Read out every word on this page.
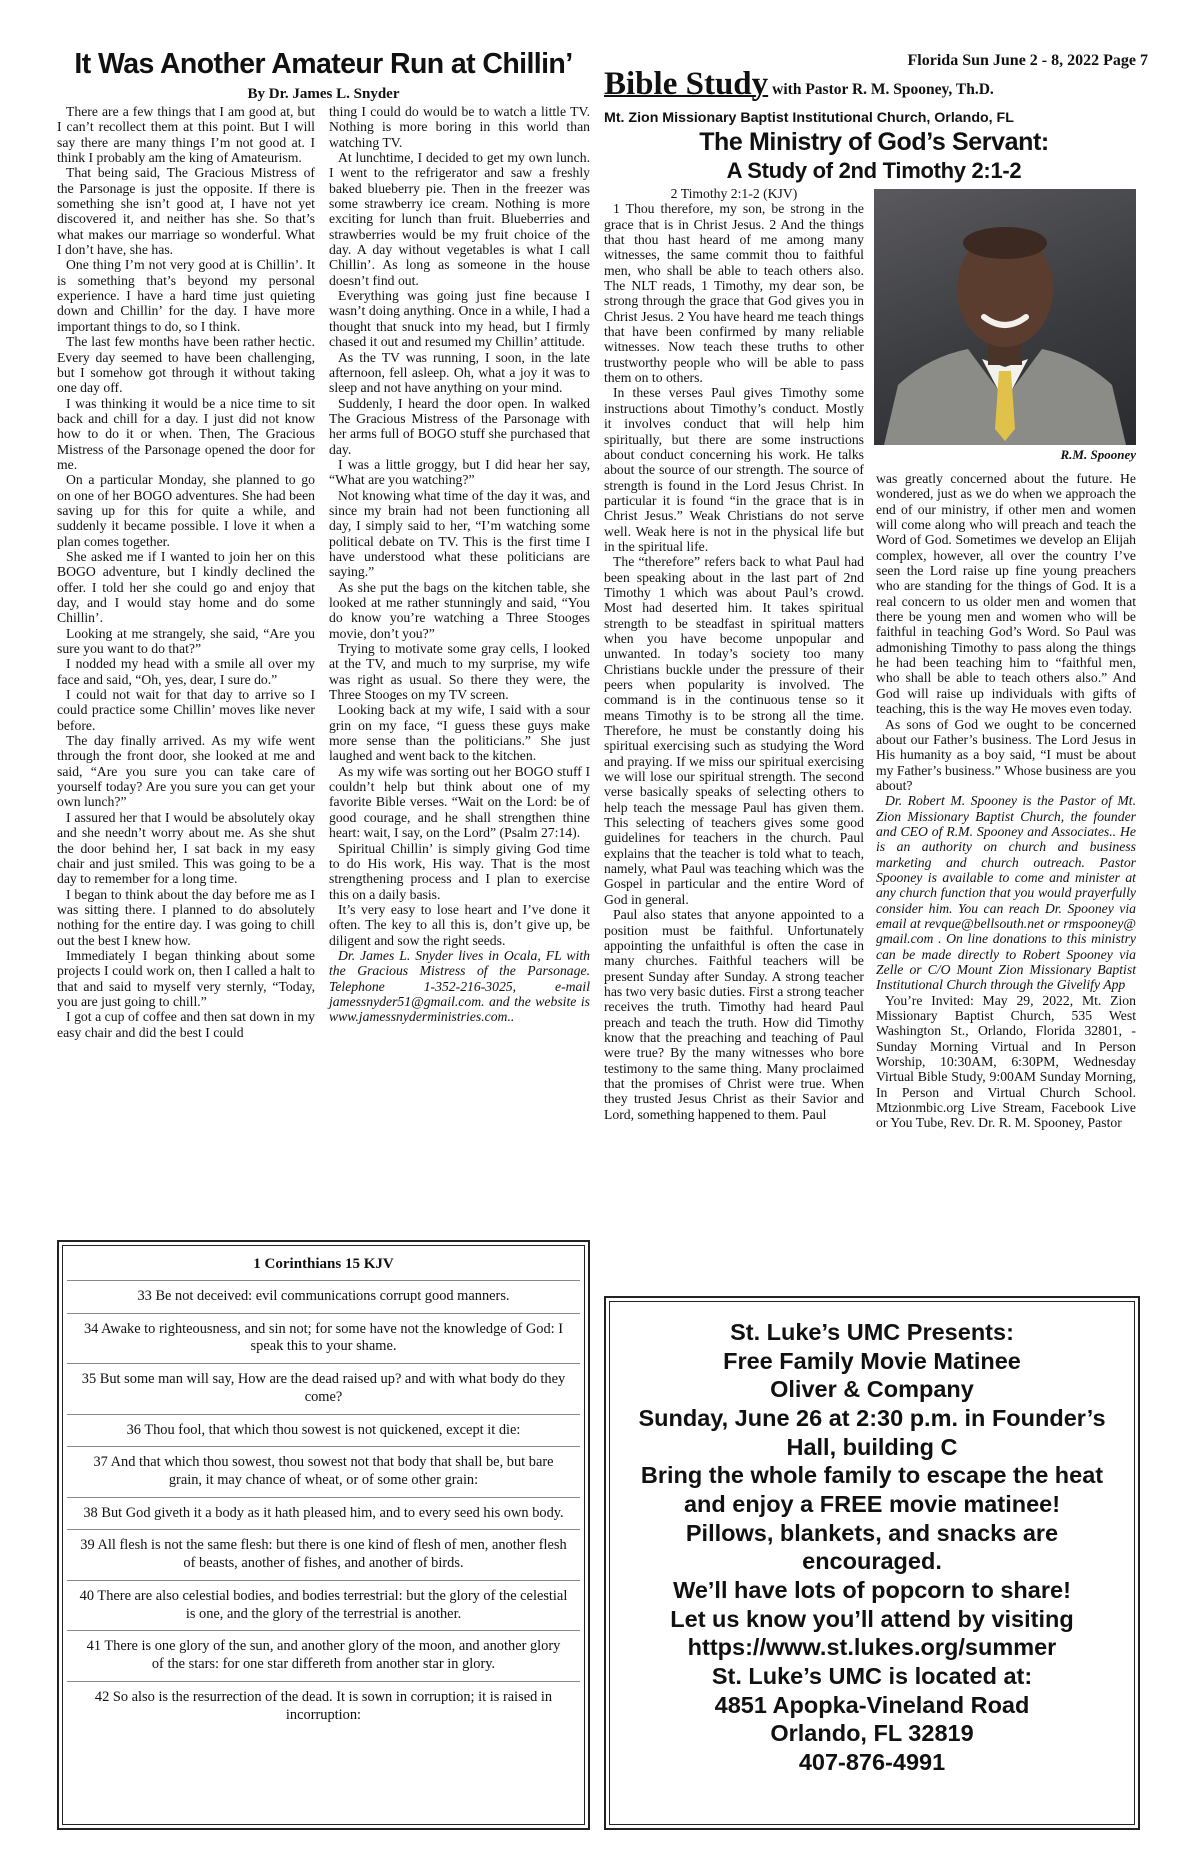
Florida Sun June 2 - 8, 2022 Page 7
It Was Another Amateur Run at Chillin’
By Dr. James L. Snyder

There are a few things that I am good at, but I can’t recollect them at this point. But I will say there are many things I’m not good at. I think I probably am the king of Amateurism.

That being said, The Gracious Mistress of the Parsonage is just the opposite. If there is something she isn’t good at, I have not yet discovered it, and neither has she. So that’s what makes our marriage so wonderful. What I don’t have, she has.

One thing I’m not very good at is Chillin’. It is something that’s beyond my personal experience. I have a hard time just quieting down and Chillin’ for the day. I have more important things to do, so I think.

The last few months have been rather hectic. Every day seemed to have been challenging, but I somehow got through it without taking one day off.

I was thinking it would be a nice time to sit back and chill for a day. I just did not know how to do it or when. Then, The Gracious Mistress of the Parsonage opened the door for me.

On a particular Monday, she planned to go on one of her BOGO adventures. She had been saving up for this for quite a while, and suddenly it became possible. I love it when a plan comes together.

She asked me if I wanted to join her on this BOGO adventure, but I kindly declined the offer. I told her she could go and enjoy that day, and I would stay home and do some Chillin’.

Looking at me strangely, she said, “Are you sure you want to do that?”

I nodded my head with a smile all over my face and said, “Oh, yes, dear, I sure do.”

I could not wait for that day to arrive so I could practice some Chillin’ moves like never before.

The day finally arrived. As my wife went through the front door, she looked at me and said, “Are you sure you can take care of yourself today? Are you sure you can get your own lunch?”

I assured her that I would be absolutely okay and she needn’t worry about me. As she shut the door behind her, I sat back in my easy chair and just smiled. This was going to be a day to remember for a long time.

I began to think about the day before me as I was sitting there. I planned to do absolutely nothing for the entire day. I was going to chill out the best I knew how.

Immediately I began thinking about some projects I could work on, then I called a halt to that and said to myself very sternly, “Today, you are just going to chill.”

I got a cup of coffee and then sat down in my easy chair and did the best I could

thing I could do would be to watch a little TV. Nothing is more boring in this world than watching TV.

At lunchtime, I decided to get my own lunch. I went to the refrigerator and saw a freshly baked blueberry pie. Then in the freezer was some strawberry ice cream. Nothing is more exciting for lunch than fruit. Blueberries and strawberries would be my fruit choice of the day. A day without vegetables is what I call Chillin’. As long as someone in the house doesn’t find out.

Everything was going just fine because I wasn’t doing anything. Once in a while, I had a thought that snuck into my head, but I firmly chased it out and resumed my Chillin’ attitude.

As the TV was running, I soon, in the late afternoon, fell asleep. Oh, what a joy it was to sleep and not have anything on your mind.

Suddenly, I heard the door open. In walked The Gracious Mistress of the Parsonage with her arms full of BOGO stuff she purchased that day.

I was a little groggy, but I did hear her say, “What are you watching?”

Not knowing what time of the day it was, and since my brain had not been functioning all day, I simply said to her, “I’m watching some political debate on TV. This is the first time I have understood what these politicians are saying.”

As she put the bags on the kitchen table, she looked at me rather stunningly and said, “You do know you’re watching a Three Stooges movie, don’t you?”

Trying to motivate some gray cells, I looked at the TV, and much to my surprise, my wife was right as usual. So there they were, the Three Stooges on my TV screen.

Looking back at my wife, I said with a sour grin on my face, “I guess these guys make more sense than the politicians.” She just laughed and went back to the kitchen.

As my wife was sorting out her BOGO stuff I couldn’t help but think about one of my favorite Bible verses. “Wait on the Lord: be of good courage, and he shall strengthen thine heart: wait, I say, on the Lord” (Psalm 27:14).

Spiritual Chillin’ is simply giving God time to do His work, His way. That is the most strengthening process and I plan to exercise this on a daily basis.

It’s very easy to lose heart and I’ve done it often. The key to all this is, don’t give up, be diligent and sow the right seeds.

Dr. James L. Snyder lives in Ocala, FL with the Gracious Mistress of the Parsonage. Telephone 1-352-216-3025, e-mail jamessnyder51@gmail.com. and the website is www.jamessnyderministries.com..

1 Corinthians 15 KJV
33 Be not deceived: evil communications corrupt good manners.
34 Awake to righteousness, and sin not; for some have not the knowledge of God: I speak this to your shame.
35 But some man will say, How are the dead raised up? and with what body do they come?
36 Thou fool, that which thou sowest is not quickened, except it die:
37 And that which thou sowest, thou sowest not that body that shall be, but bare grain, it may chance of wheat, or of some other grain:
38 But God giveth it a body as it hath pleased him, and to every seed his own body.
39 All flesh is not the same flesh: but there is one kind of flesh of men, another flesh of beasts, another of fishes, and another of birds.
40 There are also celestial bodies, and bodies terrestrial: but the glory of the celestial is one, and the glory of the terrestrial is another.
41 There is one glory of the sun, and another glory of the moon, and another glory of the stars: for one star differeth from another star in glory.
42 So also is the resurrection of the dead. It is sown in corruption; it is raised in incorruption:
Bible Study with Pastor R. M. Spooney, Th.D.
Mt. Zion Missionary Baptist Institutional Church, Orlando, FL
The Ministry of God’s Servant:
A Study of 2nd Timothy 2:1-2
R.M. Spooney

2 Timothy 2:1-2 (KJV)

1 Thou therefore, my son, be strong in the grace that is in Christ Jesus. 2 And the things that thou hast heard of me among many witnesses, the same commit thou to faithful men, who shall be able to teach others also. The NLT reads, 1 Timothy, my dear son, be strong through the grace that God gives you in Christ Jesus. 2 You have heard me teach things that have been confirmed by many reliable witnesses. Now teach these truths to other trustworthy people who will be able to pass them on to others.

In these verses Paul gives Timothy some instructions about Timothy’s conduct. Mostly it involves conduct that will help him spiritually, but there are some instructions about conduct concerning his work. He talks about the source of our strength. The source of strength is found in the Lord Jesus Christ. In particular it is found “in the grace that is in Christ Jesus.” Weak Christians do not serve well. Weak here is not in the physical life but in the spiritual life.

The “therefore” refers back to what Paul had been speaking about in the last part of 2nd Timothy 1 which was about Paul’s crowd. Most had deserted him. It takes spiritual strength to be steadfast in spiritual matters when you have become unpopular and unwanted. In today’s society too many Christians buckle under the pressure of their peers when popularity is involved. The command is in the continuous tense so it means Timothy is to be strong all the time. Therefore, he must be constantly doing his spiritual exercising such as studying the Word and praying. If we miss our spiritual exercising we will lose our spiritual strength. The second verse basically speaks of selecting others to help teach the message Paul has given them. This selecting of teachers gives some good guidelines for teachers in the church. Paul explains that the teacher is told what to teach, namely, what Paul was teaching which was the Gospel in particular and the entire Word of God in general.

Paul also states that anyone appointed to a position must be faithful. Unfortunately appointing the unfaithful is often the case in many churches. Faithful teachers will be present Sunday after Sunday. A strong teacher has two very basic duties. First a strong teacher receives the truth. Timothy had heard Paul preach and teach the truth. How did Timothy know that the preaching and teaching of Paul were true? By the many witnesses who bore testimony to the same thing. Many proclaimed that the promises of Christ were true. When they trusted Jesus Christ as their Savior and Lord, something happened to them. Paul

was greatly concerned about the future. He wondered, just as we do when we approach the end of our ministry, if other men and women will come along who will preach and teach the Word of God. Sometimes we develop an Elijah complex, however, all over the country I’ve seen the Lord raise up fine young preachers who are standing for the things of God. It is a real concern to us older men and women that there be young men and women who will be faithful in teaching God’s Word. So Paul was admonishing Timothy to pass along the things he had been teaching him to “faithful men, who shall be able to teach others also.” And God will raise up individuals with gifts of teaching, this is the way He moves even today.

As sons of God we ought to be concerned about our Father’s business. The Lord Jesus in His humanity as a boy said, “I must be about my Father’s business.” Whose business are you about?

Dr. Robert M. Spooney is the Pastor of Mt. Zion Missionary Baptist Church, the founder and CEO of R.M. Spooney and Associates.. He is an authority on church and business marketing and church outreach. Pastor Spooney is available to come and minister at any church function that you would prayerfully consider him. You can reach Dr. Spooney via email at revque@bellsouth.net or rmspooney@ gmail.com . On line donations to this ministry can be made directly to Robert Spooney via Zelle or C/O Mount Zion Missionary Baptist Institutional Church through the Givelify App

You’re Invited: May 29, 2022, Mt. Zion Missionary Baptist Church, 535 West Washington St., Orlando, Florida 32801, - Sunday Morning Virtual and In Person Worship, 10:30AM, 6:30PM, Wednesday Virtual Bible Study, 9:00AM Sunday Morning, In Person and Virtual Church School. Mtzionmbic.org Live Stream, Facebook Live or You Tube, Rev. Dr. R. M. Spooney, Pastor

St. Luke’s UMC Presents:
Free Family Movie Matinee
Oliver & Company
Sunday, June 26 at 2:30 p.m. in Founder’s Hall, building C
Bring the whole family to escape the heat and enjoy a FREE movie matinee!
Pillows, blankets, and snacks are encouraged.
We’ll have lots of popcorn to share!
Let us know you’ll attend by visiting
https://www.st.lukes.org/summer
St. Luke’s UMC is located at:
4851 Apopka-Vineland Road
Orlando, FL 32819
407-876-4991
